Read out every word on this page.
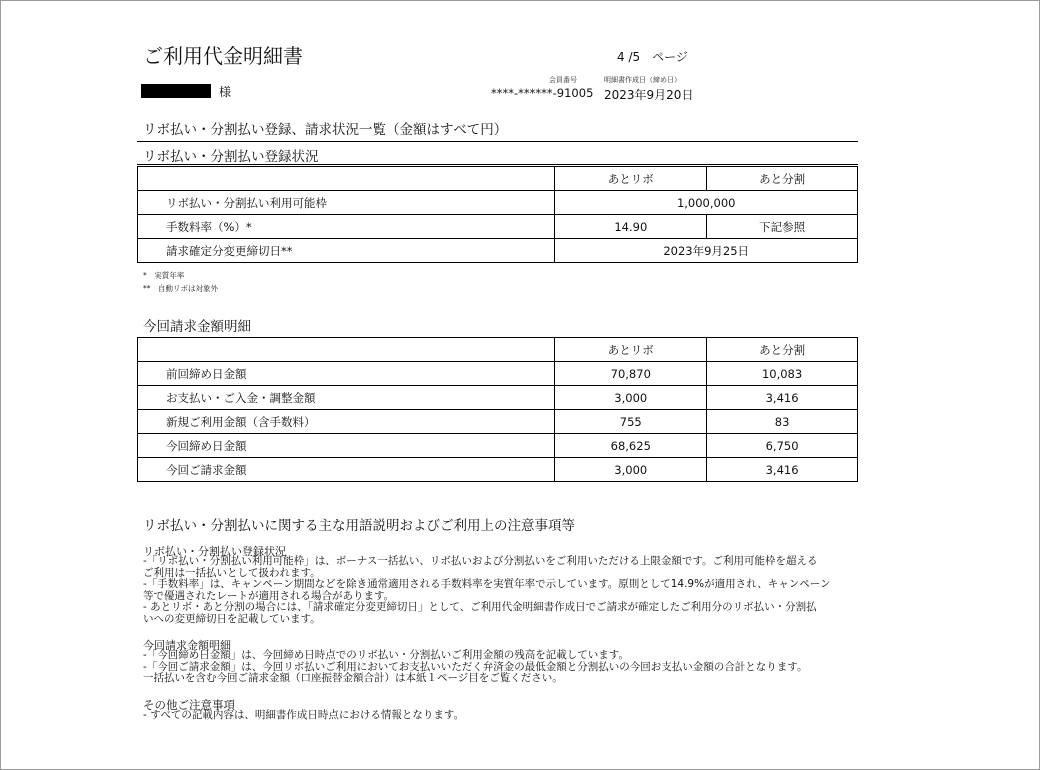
ご利用代金明細書	4 /5 ページ
様
会員番号
****-******-91005
明細書作成日（締め日）
2023年9月20日
リボ払い・分割払い登録、請求状況一覧（金額はすべて円）
リボ払い・分割払い登録状況
	あとリボ	あと分割
リボ払い・分割払い利用可能枠	1,000,000	
手数料率（%）*	14.90	下記参照
請求確定分変更締切日**	2023年9月25日	
*　実質年率
**　自動リボは対象外
今回請求金額明細
	あとリボ	あと分割
前回締め日金額	70,870	10,083
お支払い・ご入金・調整金額	3,000	3,416
新規ご利用金額（含手数料）	755	83
今回締め日金額	68,625	6,750
今回ご請求金額	3,000	3,416
リボ払い・分割払いに関する主な用語説明およびご利用上の注意事項等
リボ払い・分割払い登録状況
-「リボ払い・分割払い利用可能枠」は、ボーナス一括払い、リボ払いおよび分割払いをご利用いただける上限金額です。ご利用可能枠を超える
ご利用は一括払いとして扱われます。
-「手数料率」は、キャンペーン期間などを除き通常適用される手数料率を実質年率で示しています。原則として14.9%が適用され、キャンペーン
等で優遇されたレートが適用される場合があります。
- あとリボ・あと分割の場合には、「請求確定分変更締切日」として、ご利用代金明細書作成日でご請求が確定したご利用分のリボ払い・分割払
いへの変更締切日を記載しています。
今回請求金額明細
-「今回締め日金額」は、今回締め日時点でのリボ払い・分割払いご利用金額の残高を記載しています。
-「今回ご請求金額」は、今回リボ払いご利用においてお支払いいただく弁済金の最低金額と分割払いの今回お支払い金額の合計となります。
一括払いを含む今回ご請求金額（口座振替金額合計）は本紙１ページ目をご覧ください。
その他ご注意事項
- すべての記載内容は、明細書作成日時点における情報となります。
